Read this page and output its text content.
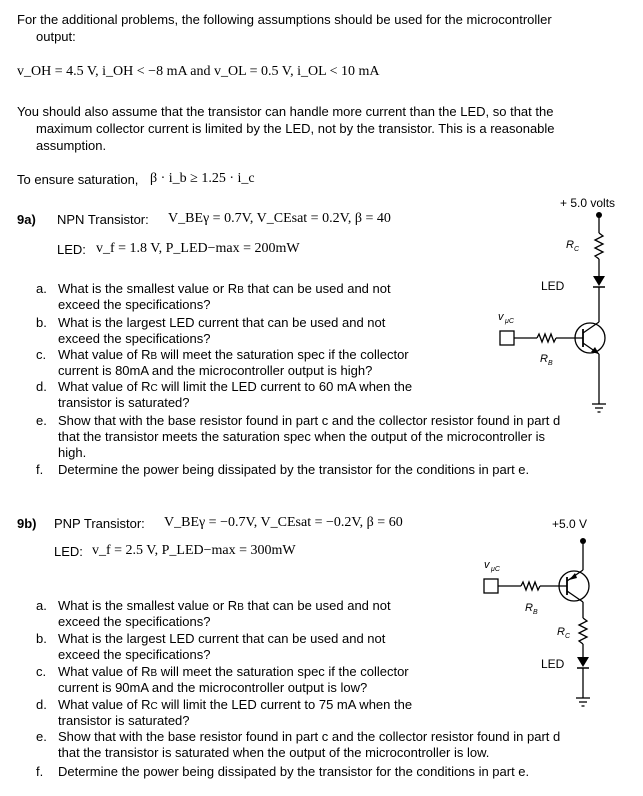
For the additional problems, the following assumptions should be used for the microcontroller
output:
v_OH = 4.5 V, i_OH < −8 mA and v_OL = 0.5 V, i_OL < 10 mA
You should also assume that the transistor can handle more current than the LED, so that the
maximum collector current is limited by the LED, not by the transistor. This is a reasonable
assumption.
To ensure saturation, β · i_b ≥ 1.25 · i_c
9a) NPN Transistor: V_BEγ = 0.7V, V_CEsat = 0.2V, β = 40
LED: v_f = 1.8 V, P_LED−max = 200mW
a. What is the smallest value or RB that can be used and not
exceed the specifications?
b. What is the largest LED current that can be used and not
exceed the specifications?
c. What value of RB will meet the saturation spec if the collector
current is 80mA and the microcontroller output is high?
d. What value of RC will limit the LED current to 60 mA when the
transistor is saturated?
e. Show that with the base resistor found in part c and the collector resistor found in part d
that the transistor meets the saturation spec when the output of the microcontroller is
high.
f. Determine the power being dissipated by the transistor for the conditions in part e.
+ 5.0 volts
R C
LED
v μC
R B
9b) PNP Transistor: V_BEγ = −0.7V, V_CEsat = −0.2V, β = 60
LED: v_f = 2.5 V, P_LED−max = 300mW
a. What is the smallest value or RB that can be used and not
exceed the specifications?
b. What is the largest LED current that can be used and not
exceed the specifications?
c. What value of RB will meet the saturation spec if the collector
current is 90mA and the microcontroller output is low?
d. What value of RC will limit the LED current to 75 mA when the
transistor is saturated?
e. Show that with the base resistor found in part c and the collector resistor found in part d
that the transistor is saturated when the output of the microcontroller is low.
f. Determine the power being dissipated by the transistor for the conditions in part e.
+5.0 V
R C
LED
v μC
R B
